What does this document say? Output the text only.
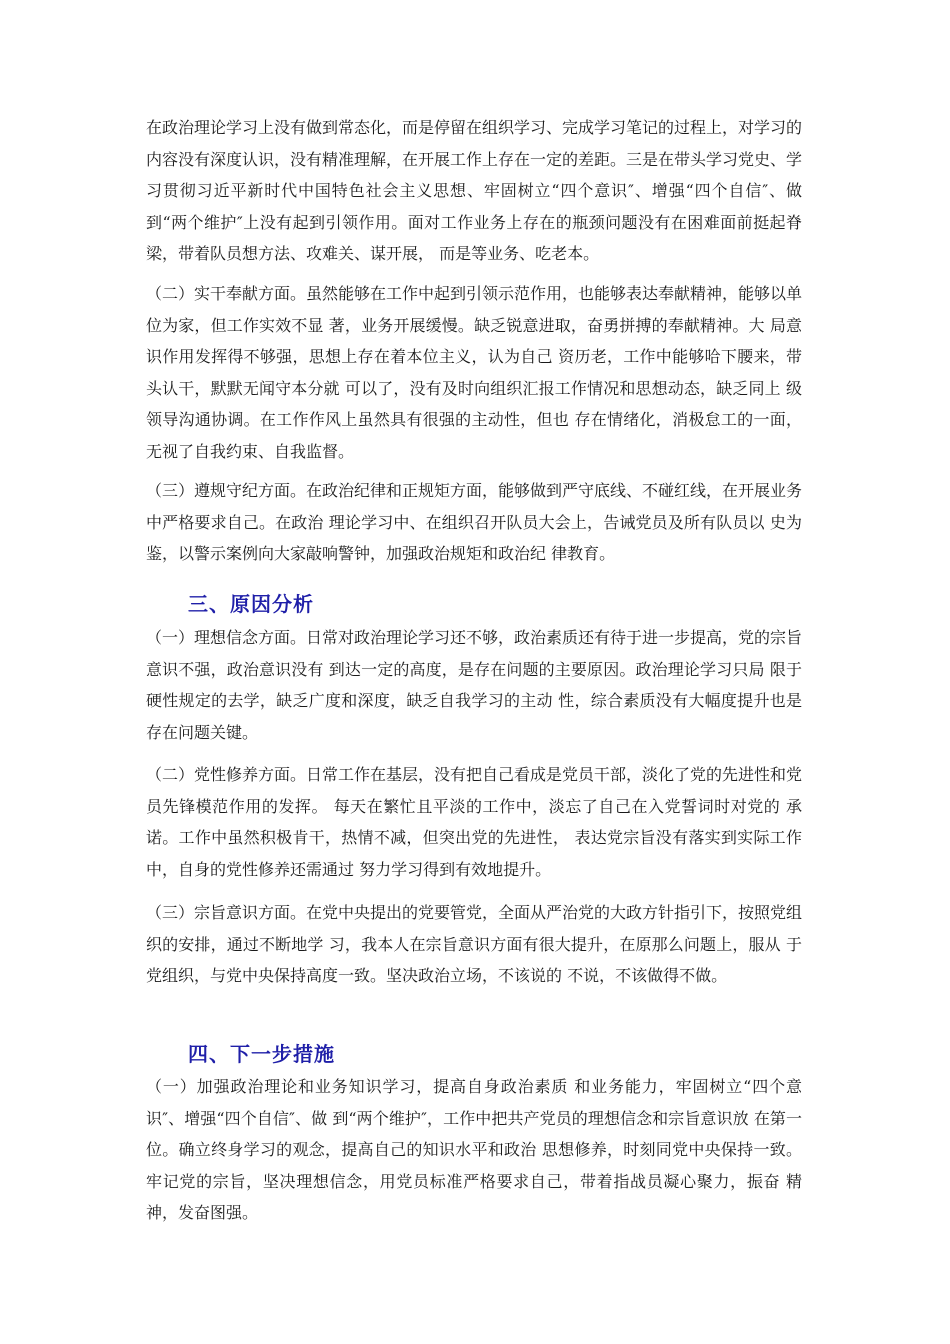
在政治理论学习上没有做到常态化，而是停留在组织学习、完成学习笔记的过程上，对学习的内容没有深度认识，没有精准理解，在开展工作上存在一定的差距。三是在带头学习党史、学习贯彻习近平新时代中国特色社会主义思想、牢固树立“四个意识″、增强“四个自信″、做到“两个维护″上没有起到引领作用。面对工作业务上存在的瓶颈问题没有在困难面前挺起脊梁，带着队员想方法、攻难关、谋开展， 而是等业务、吃老本。

（二）实干奉献方面。虽然能够在工作中起到引领示范作用，也能够表达奉献精神，能够以单位为家，但工作实效不显 著，业务开展缓慢。缺乏锐意进取，奋勇拼搏的奉献精神。大 局意识作用发挥得不够强，思想上存在着本位主义，认为自己 资历老，工作中能够哈下腰来，带头认干，默默无闻守本分就 可以了，没有及时向组织汇报工作情况和思想动态，缺乏同上 级领导沟通协调。在工作作风上虽然具有很强的主动性，但也 存在情绪化，消极怠工的一面，无视了自我约束、自我监督。

（三）遵规守纪方面。在政治纪律和正规矩方面，能够做到严守底线、不碰红线，在开展业务中严格要求自己。在政治 理论学习中、在组织召开队员大会上，告诫党员及所有队员以 史为鉴，以警示案例向大家敲响警钟，加强政治规矩和政治纪 律教育。

三、原因分析

（一）理想信念方面。日常对政治理论学习还不够，政治素质还有待于进一步提高，党的宗旨意识不强，政治意识没有 到达一定的高度，是存在问题的主要原因。政治理论学习只局 限于硬性规定的去学，缺乏广度和深度，缺乏自我学习的主动 性，综合素质没有大幅度提升也是存在问题关键。

（二）党性修养方面。日常工作在基层，没有把自己看成是党员干部，淡化了党的先进性和党员先锋模范作用的发挥。 每天在繁忙且平淡的工作中，淡忘了自己在入党誓词时对党的 承诺。工作中虽然积极肯干，热情不减，但突出党的先进性， 表达党宗旨没有落实到实际工作中，自身的党性修养还需通过 努力学习得到有效地提升。

（三）宗旨意识方面。在党中央提出的党要管党，全面从严治党的大政方针指引下，按照党组织的安排，通过不断地学 习，我本人在宗旨意识方面有很大提升，在原那么问题上，服从 于党组织，与党中央保持高度一致。坚决政治立场，不该说的 不说，不该做得不做。

四、下一步措施

（一）加强政治理论和业务知识学习，提高自身政治素质 和业务能力，牢固树立“四个意识″、增强“四个自信″、做 到“两个维护″，工作中把共产党员的理想信念和宗旨意识放 在第一位。确立终身学习的观念，提高自己的知识水平和政治 思想修养，时刻同党中央保持一致。牢记党的宗旨，坚决理想信念，用党员标准严格要求自己，带着指战员凝心聚力，振奋 精神，发奋图强。
